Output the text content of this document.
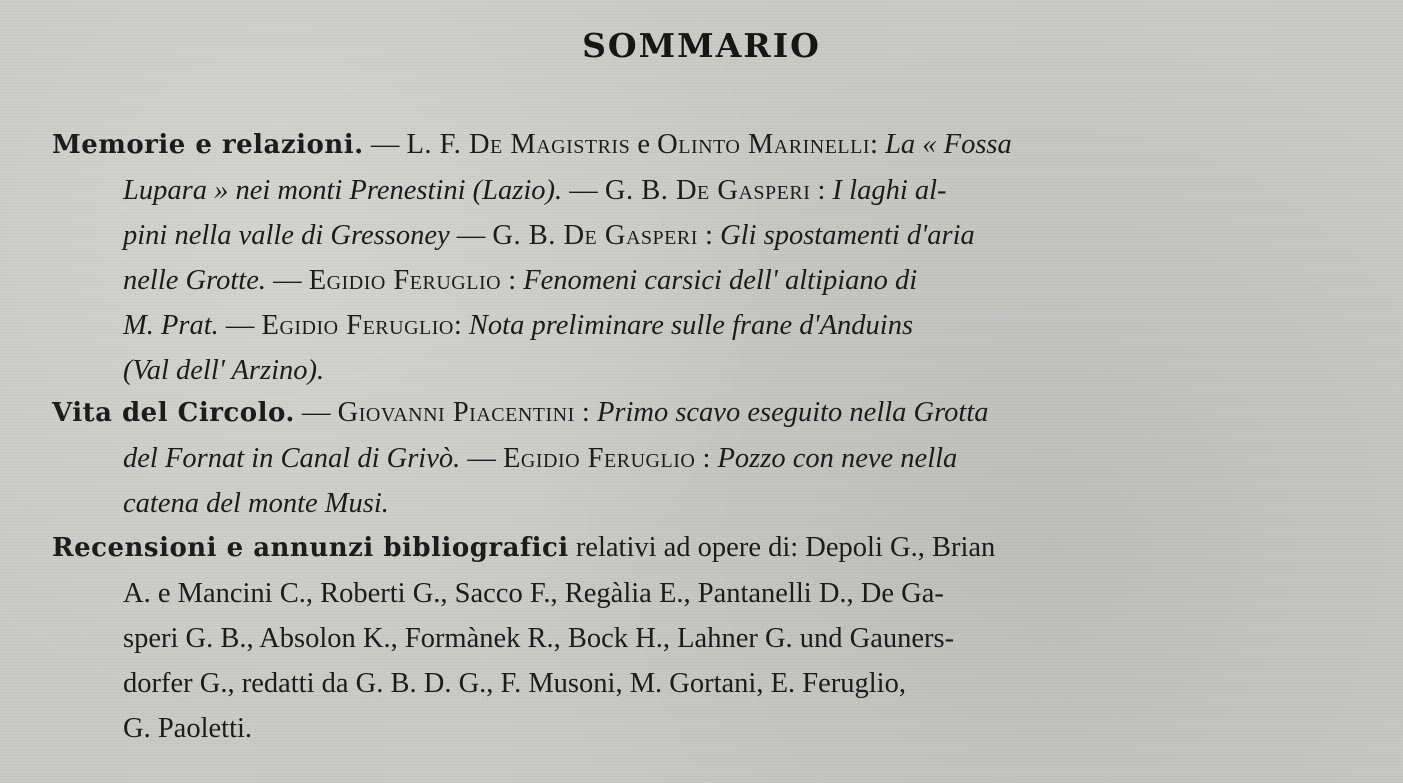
SOMMARIO
Memorie e relazioni. — L. F. De Magistris e Olinto Marinelli: La « Fossa
Lupara » nei monti Prenestini (Lazio). — G. B. De Gasperi : I laghi al-
pini nella valle di Gressoney — G. B. De Gasperi : Gli spostamenti d'aria
nelle Grotte. — Egidio Feruglio : Fenomeni carsici dell' altipiano di
M. Prat. — Egidio Feruglio: Nota preliminare sulle frane d'Anduins
(Val dell' Arzino).
Vita del Circolo. — Giovanni Piacentini : Primo scavo eseguito nella Grotta
del Fornat in Canal di Grivò. — Egidio Feruglio : Pozzo con neve nella
catena del monte Musi.
Recensioni e annunzi bibliografici relativi ad opere di: Depoli G., Brian
A. e Mancini C., Roberti G., Sacco F., Regàlia E., Pantanelli D., De Ga-
speri G. B., Absolon K., Formànek R., Bock H., Lahner G. und Gauners-
dorfer G., redatti da G. B. D. G., F. Musoni, M. Gortani, E. Feruglio,
G. Paoletti.
